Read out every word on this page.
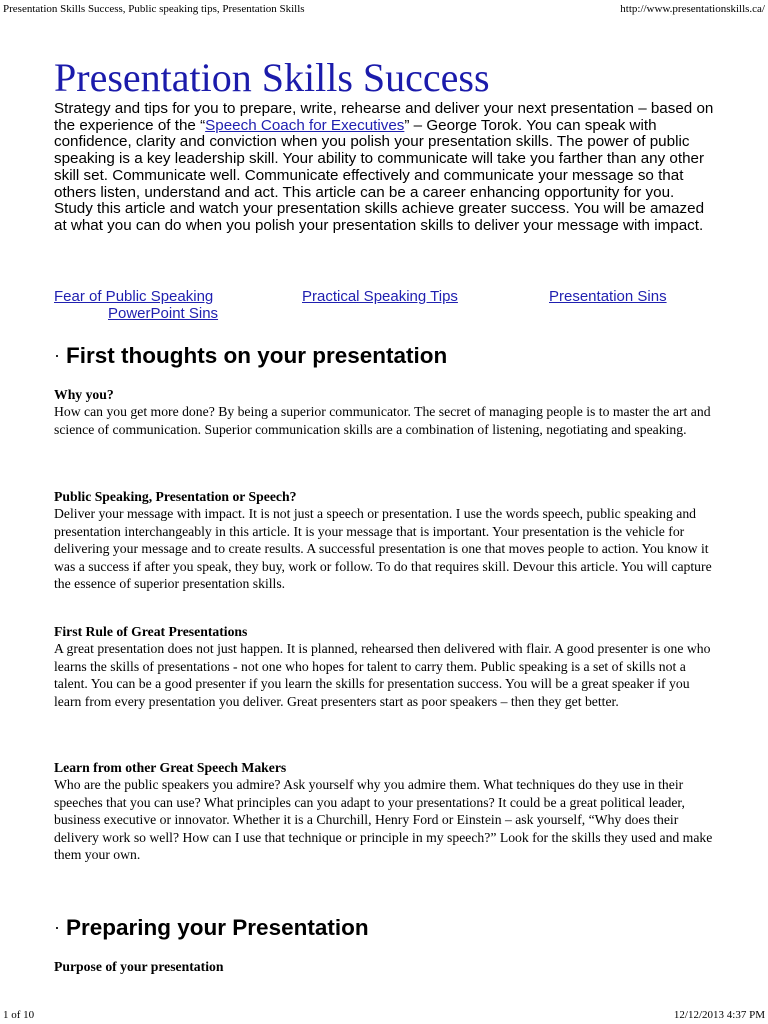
Presentation Skills Success, Public speaking tips, Presentation Skills	http://www.presentationskills.ca/
Presentation Skills Success

Strategy and tips for you to prepare, write, rehearse and deliver your next presentation – based on the experience of the “Speech Coach for Executives” – George Torok. You can speak with confidence, clarity and conviction when you polish your presentation skills. The power of public speaking is a key leadership skill. Your ability to communicate will take you farther than any other skill set. Communicate well. Communicate effectively and communicate your message so that others listen, understand and act. This article can be a career enhancing opportunity for you. Study this article and watch your presentation skills achieve greater success. You will be amazed at what you can do when you polish your presentation skills to deliver your message with impact.

Fear of Public Speaking	Practical Speaking Tips	Presentation Sins
PowerPoint Sins
· First thoughts on your presentation
Why you?

How can you get more done? By being a superior communicator. The secret of managing people is to master the art and science of communication. Superior communication skills are a combination of listening, negotiating and speaking.

Public Speaking, Presentation or Speech?

Deliver your message with impact. It is not just a speech or presentation. I use the words speech, public speaking and presentation interchangeably in this article. It is your message that is important. Your presentation is the vehicle for delivering your message and to create results. A successful presentation is one that moves people to action. You know it was a success if after you speak, they buy, work or follow. To do that requires skill. Devour this article. You will capture the essence of superior presentation skills.

First Rule of Great Presentations

A great presentation does not just happen. It is planned, rehearsed then delivered with flair. A good presenter is one who learns the skills of presentations - not one who hopes for talent to carry them. Public speaking is a set of skills not a talent. You can be a good presenter if you learn the skills for presentation success. You will be a great speaker if you learn from every presentation you deliver. Great presenters start as poor speakers – then they get better.

Learn from other Great Speech Makers

Who are the public speakers you admire? Ask yourself why you admire them. What techniques do they use in their speeches that you can use? What principles can you adapt to your presentations? It could be a great political leader, business executive or innovator. Whether it is a Churchill, Henry Ford or Einstein – ask yourself, “Why does their delivery work so well? How can I use that technique or principle in my speech?” Look for the skills they used and make them your own.

· Preparing your Presentation
Purpose of your presentation
1 of 10	12/12/2013 4:37 PM
